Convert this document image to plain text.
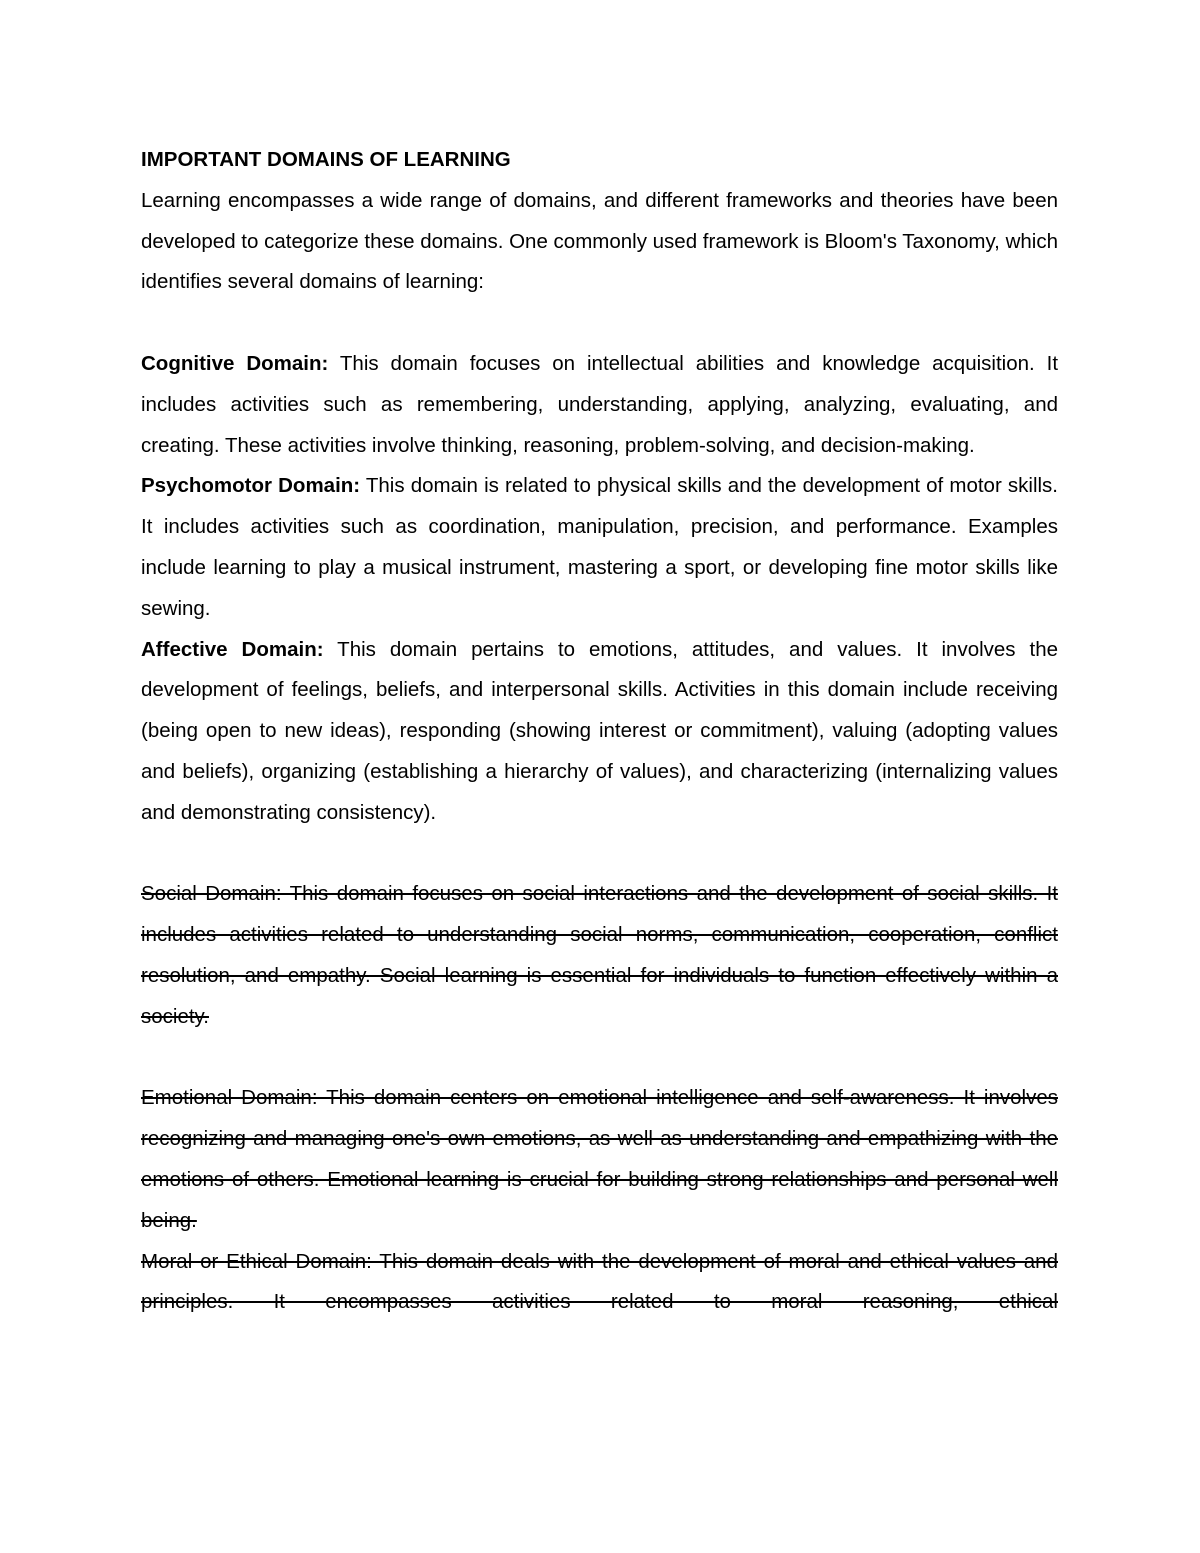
IMPORTANT DOMAINS OF LEARNING

Learning encompasses a wide range of domains, and different frameworks and theories have been developed to categorize these domains. One commonly used framework is Bloom's Taxonomy, which identifies several domains of learning:

Cognitive Domain: This domain focuses on intellectual abilities and knowledge acquisition. It includes activities such as remembering, understanding, applying, analyzing, evaluating, and creating. These activities involve thinking, reasoning, problem-solving, and decision-making.

Psychomotor Domain: This domain is related to physical skills and the development of motor skills. It includes activities such as coordination, manipulation, precision, and performance. Examples include learning to play a musical instrument, mastering a sport, or developing fine motor skills like sewing.

Affective Domain: This domain pertains to emotions, attitudes, and values. It involves the development of feelings, beliefs, and interpersonal skills. Activities in this domain include receiving (being open to new ideas), responding (showing interest or commitment), valuing (adopting values and beliefs), organizing (establishing a hierarchy of values), and characterizing (internalizing values and demonstrating consistency).

Social Domain: This domain focuses on social interactions and the development of social skills. It includes activities related to understanding social norms, communication, cooperation, conflict resolution, and empathy. Social learning is essential for individuals to function effectively within a society.

Emotional Domain: This domain centers on emotional intelligence and self-awareness. It involves recognizing and managing one's own emotions, as well as understanding and empathizing with the emotions of others. Emotional learning is crucial for building strong relationships and personal well being.

Moral or Ethical Domain: This domain deals with the development of moral and ethical values and principles. It encompasses activities related to moral reasoning, ethical
